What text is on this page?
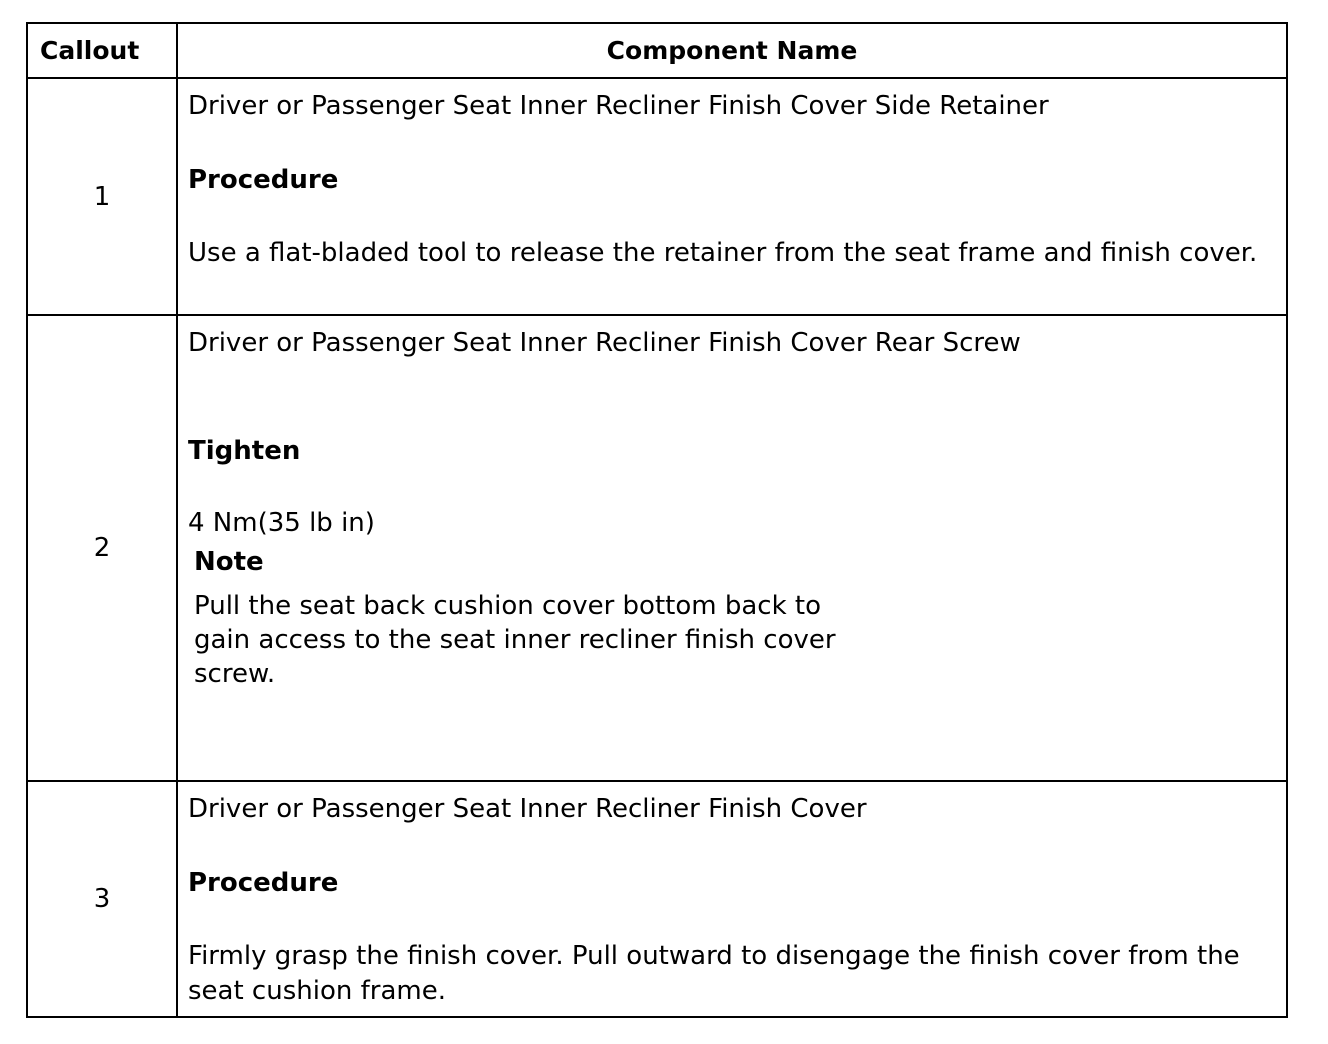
Callout	Component Name
1	Driver or Passenger Seat Inner Recliner Finish Cover Side Retainer

Procedure

Use a flat-bladed tool to release the retainer from the seat frame and finish cover.

2	Driver or Passenger Seat Inner Recliner Finish Cover Rear Screw

Tighten

4 Nm(35 lb in)

Note

Pull the seat back cushion cover bottom back to gain access to the seat inner recliner finish cover screw.

3	Driver or Passenger Seat Inner Recliner Finish Cover

Procedure

Firmly grasp the finish cover. Pull outward to disengage the finish cover from the seat cushion frame.
